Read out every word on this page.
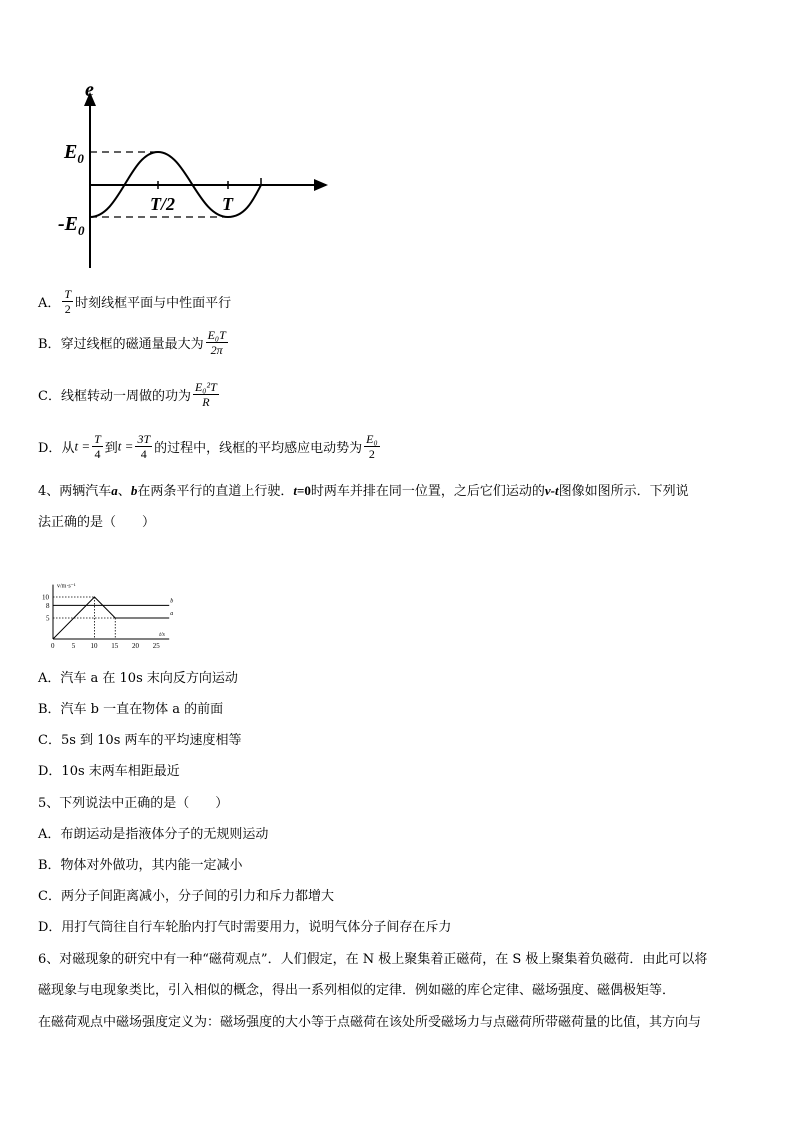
e
$E_0$
$-E_0$
T/2	T
A． $\frac{T}{2}$ 时刻线框平面与中性面平行
B．穿过线框的磁通量最大为 $\frac{\text{E₀T}}{2\pi}$
C．线框转动一周做的功为 $\frac{\text{E₀²T}}{R}$
D．从$t = \frac{T}{4}$ 到$t = \frac{3T}{4}$ 的过程中，线框的平均感应电动势为 $\frac{\text{E₀}}{2}$
4、两辆汽车a、b在两条平行的直道上行驶．t=0时两车并排在同一位置，之后它们运动的v-t图像如图所示．下列说
法正确的是（　　）
v/m·s⁻¹
t/s
0 5 10 15 20 25
5
8
10
a
b
A．汽车 a 在 10s 末向反方向运动
B．汽车 b 一直在物体 a 的前面
C．5s 到 10s 两车的平均速度相等
D．10s 末两车相距最近
5、下列说法中正确的是（　　）
A．布朗运动是指液体分子的无规则运动
B．物体对外做功，其内能一定减小
C．两分子间距离减小，分子间的引力和斥力都增大
D．用打气筒往自行车轮胎内打气时需要用力，说明气体分子间存在斥力
6、对磁现象的研究中有一种“磁荷观点”．人们假定，在 N 极上聚集着正磁荷，在 S 极上聚集着负磁荷．由此可以将
磁现象与电现象类比，引入相似的概念，得出一系列相似的定律．例如磁的库仑定律、磁场强度、磁偶极矩等．
在磁荷观点中磁场强度定义为：磁场强度的大小等于点磁荷在该处所受磁场力与点磁荷所带磁荷量的比值，其方向与
